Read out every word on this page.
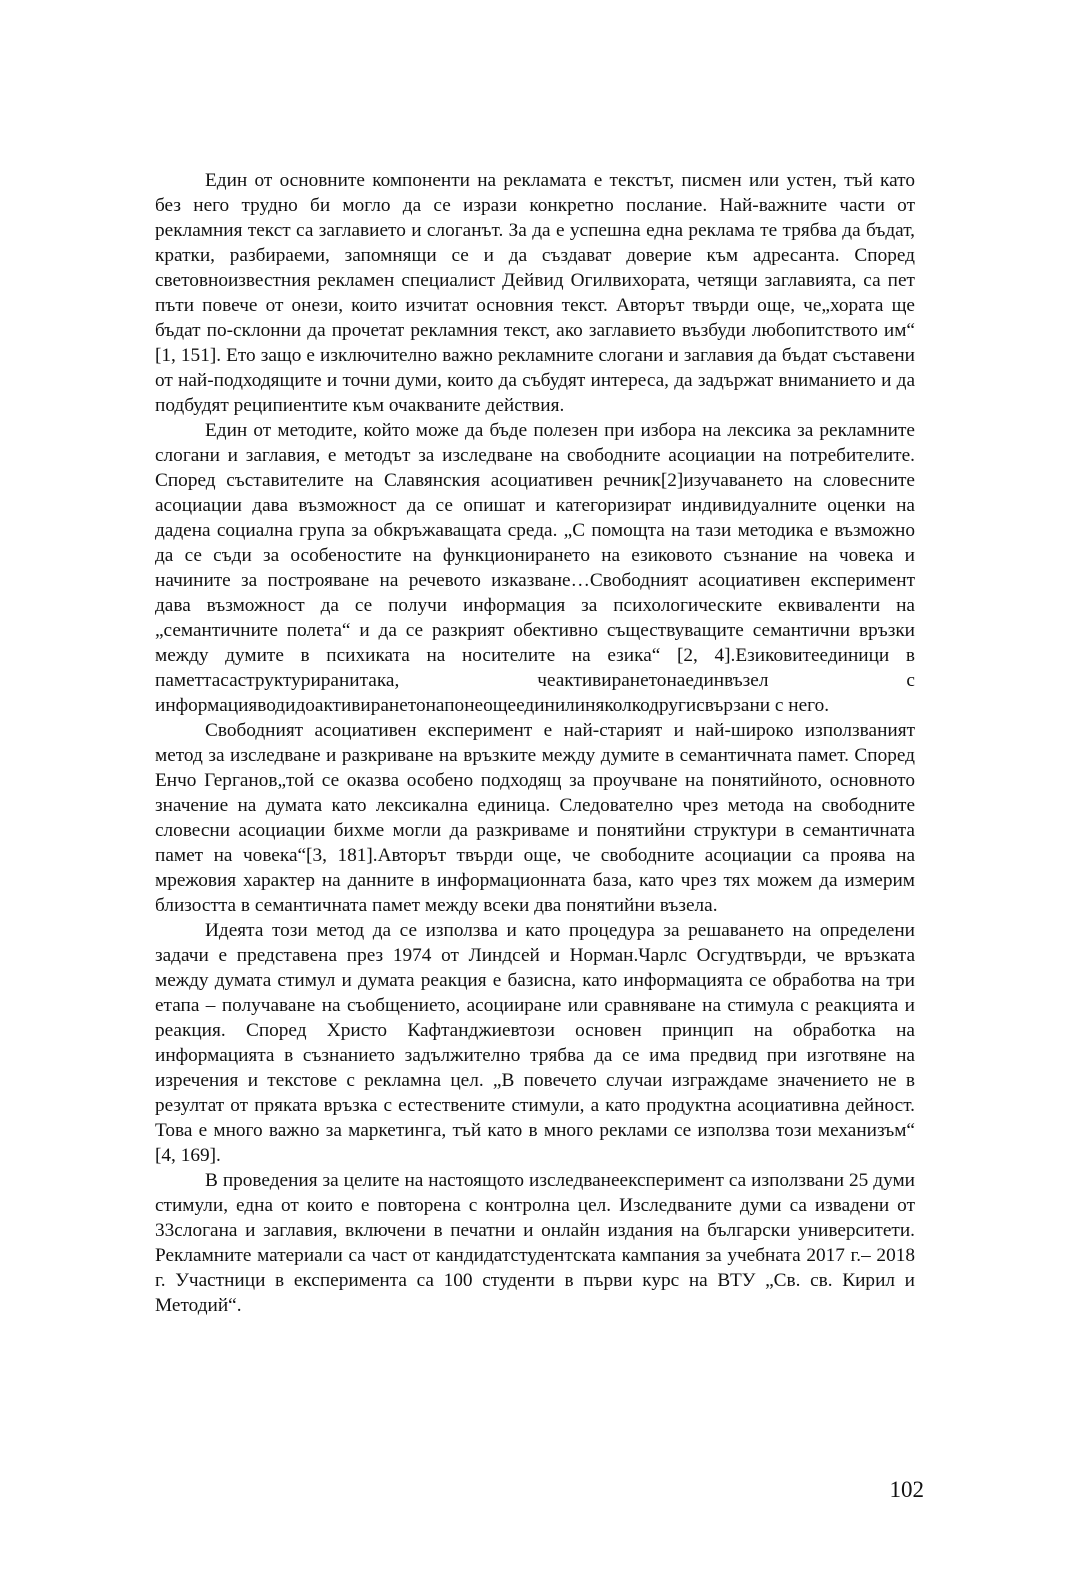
Един от основните компоненти на рекламата е текстът, писмен или устен, тъй като без него трудно би могло да се изрази конкретно послание. Най-важните части от рекламния текст са заглавието и слоганът. За да е успешна една реклама те трябва да бъдат, кратки, разбираеми, запомнящи се и да създават доверие към адресанта. Според световноизвестния рекламен специалист Дейвид Огилвихората, четящи заглавията, са пет пъти повече от онези, които изчитат основния текст. Авторът твърди още, че„хората ще бъдат по-склонни да прочетат рекламния текст, ако заглавието възбуди любопитството им“ [1, 151]. Ето защо е изключително важно рекламните слогани и заглавия да бъдат съставени от най-подходящите и точни думи, които да събудят интереса, да задържат вниманието и да подбудят реципиентите към очакваните действия.

Един от методите, който може да бъде полезен при избора на лексика за рекламните слогани и заглавия, е методът за изследване на свободните асоциации на потребителите. Според съставителите на Славянския асоциативен речник[2]изучаването на словесните асоциации дава възможност да се опишат и категоризират индивидуалните оценки на дадена социална група за обкръжаващата среда. „С помощта на тази методика е възможно да се съди за особеностите на функционирането на езиковото съзнание на човека и начините за построяване на речевото изказване…Свободният асоциативен експеримент дава възможност да се получи информация за психологическите еквиваленти на „семантичните полета“ и да се разкрият обективно съществуващите семантични връзки между думите в психиката на носителите на езика“ [2, 4].Езиковитеединици в паметтасаструктуриранитака, чеактивиранетонаединвъзел с информацияводидоактивиранетонапонеощеединилиняколкодругисвързани с него.

Свободният асоциативен експеримент е най-старият и най-широко използваният метод за изследване и разкриване на връзките между думите в семантичната памет. Според Енчо Герганов„той се оказва особено подходящ за проучване на понятийното, основното значение на думата като лексикална единица. Следователно чрез метода на свободните словесни асоциации бихме могли да разкриваме и понятийни структури в семантичната памет на човека“[3, 181].Авторът твърди още, че свободните асоциации са проява на мрежовия характер на данните в информационната база, като чрез тях можем да измерим близостта в семантичната памет между всеки два понятийни възела.

Идеята този метод да се използва и като процедура за решаването на определени задачи е представена през 1974 от Линдсей и Норман.Чарлс Осгудтвърди, че връзката между думата стимул и думата реакция е базисна, като информацията се обработва на три етапа – получаване на съобщението, асоцииране или сравняване на стимула с реакцията и реакция. Според Христо Кафтанджиевтози основен принцип на обработка на информацията в съзнанието задължително трябва да се има предвид при изготвяне на изречения и текстове с рекламна цел. „В повечето случаи изграждаме значението не в резултат от пряката връзка с естествените стимули, а като продуктна асоциативна дейност. Това е много важно за маркетинга, тъй като в много реклами се използва този механизъм“ [4, 169].

В проведения за целите на настоящото изследванеексперимент са използвани 25 думи стимули, една от които е повторена с контролна цел. Изследваните думи са извадени от 33слогана и заглавия, включени в печатни и онлайн издания на български университети. Рекламните материали са част от кандидатстудентската кампания за учебната 2017 г.– 2018 г. Участници в експеримента са 100 студенти в първи курс на ВТУ „Св. св. Кирил и Методий“.

102
